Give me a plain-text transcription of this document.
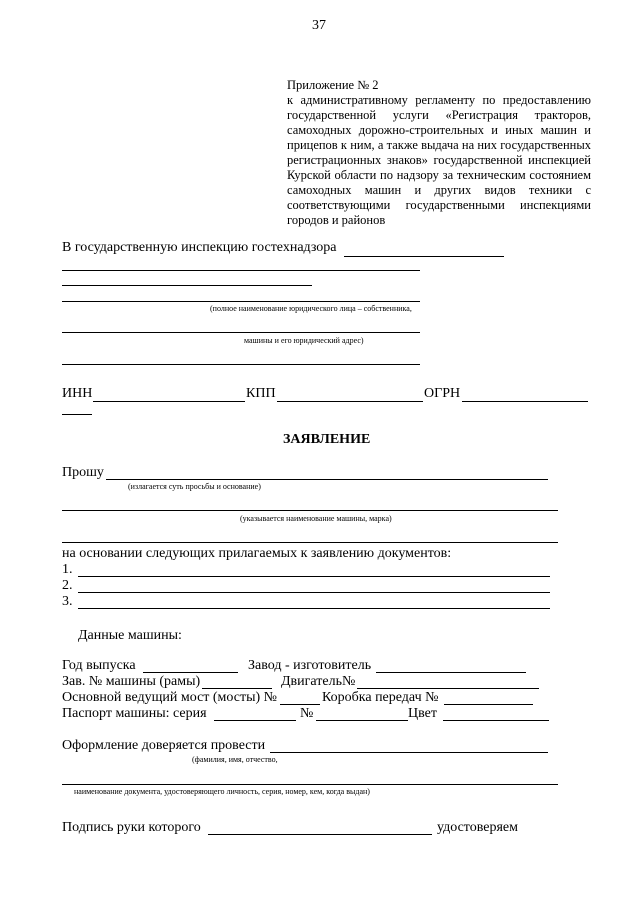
37
Приложение № 2
к административному регламенту по предоставлению государственной услуги «Регистрация тракторов, самоходных дорожно-строительных и иных машин и прицепов к ним, а также выдача на них государственных регистрационных знаков» государственной инспекцией Курской области по надзору за техническим состоянием самоходных машин и других видов техники с соответствующими государственными инспекциями городов и районов
В государственную инспекцию гостехнадзора
(полное наименование юридического лица – собственника,
машины и его юридический адрес)
ИНН	КПП	ОГРН
ЗАЯВЛЕНИЕ
Прошу
(излагается суть просьбы и основание)
(указывается наименование машины, марка)
на основании следующих прилагаемых к заявлению документов:
1.
2.
3.
Данные машины:
Год выпуска	Завод - изготовитель
Зав. № машины (рамы)	Двигатель№
Основной ведущий мост (мосты) №	Коробка передач №
Паспорт машины: серия	№	Цвет
Оформление доверяется провести
(фамилия, имя, отчество,
наименование документа, удостоверяющего личность, серия, номер, кем, когда выдан)
Подпись руки которого	удостоверяем
